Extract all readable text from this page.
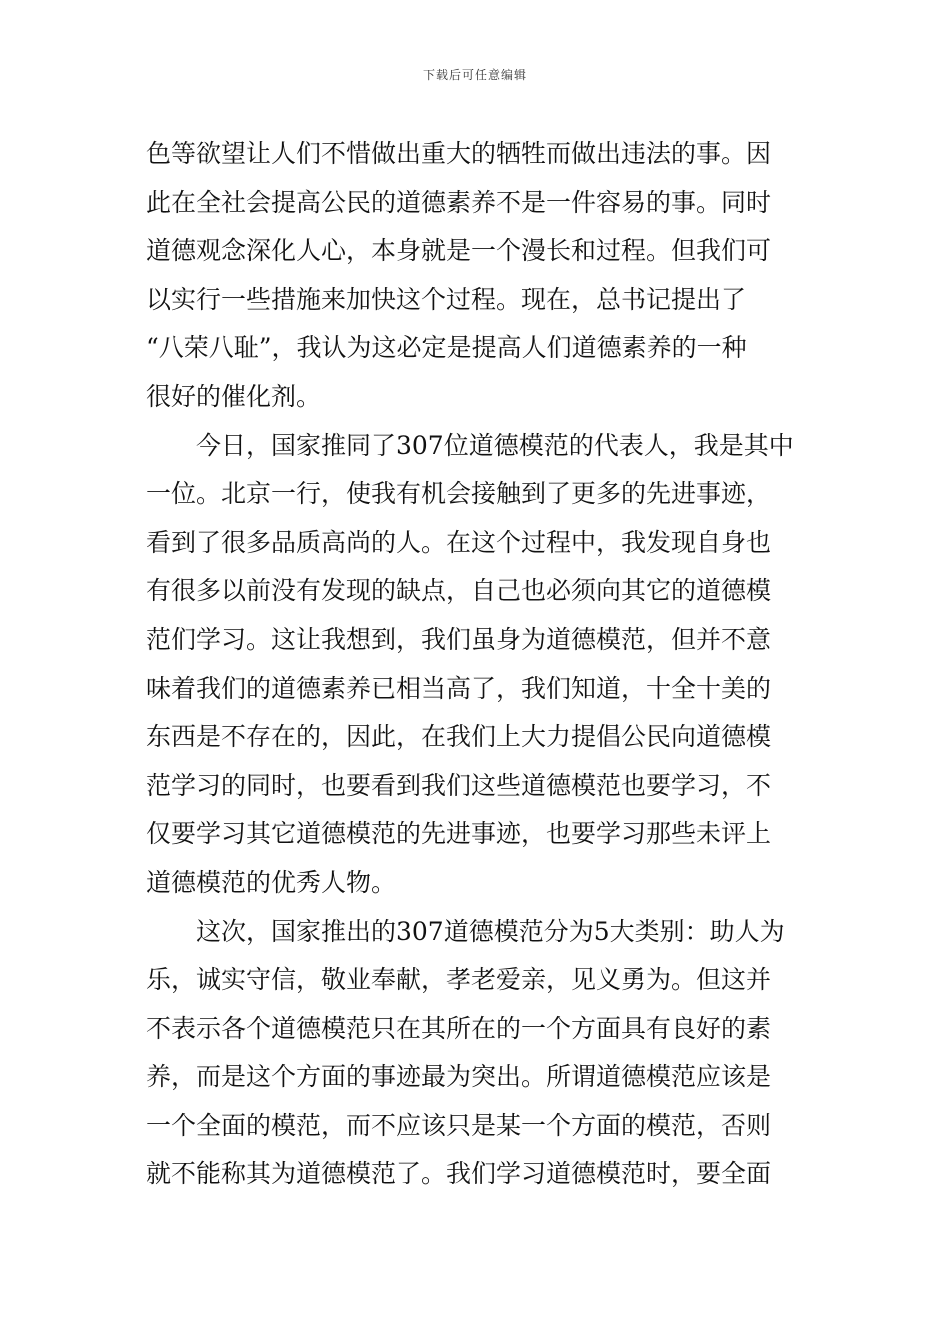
下载后可任意编辑
色等欲望让人们不惜做出重大的牺牲而做出违法的事。因
此在全社会提高公民的道德素养不是一件容易的事。同时
道德观念深化人心，本身就是一个漫长和过程。但我们可
以实行一些措施来加快这个过程。现在，总书记提出了
“八荣八耻”，我认为这必定是提高人们道德素养的一种
很好的催化剂。
今日，国家推同了307位道德模范的代表人，我是其中
一位。北京一行，使我有机会接触到了更多的先进事迹，
看到了很多品质高尚的人。在这个过程中，我发现自身也
有很多以前没有发现的缺点，自己也必须向其它的道德模
范们学习。这让我想到，我们虽身为道德模范，但并不意
味着我们的道德素养已相当高了，我们知道，十全十美的
东西是不存在的，因此，在我们上大力提倡公民向道德模
范学习的同时，也要看到我们这些道德模范也要学习，不
仅要学习其它道德模范的先进事迹，也要学习那些未评上
道德模范的优秀人物。
这次，国家推出的307道德模范分为5大类别：助人为
乐，诚实守信，敬业奉献，孝老爱亲，见义勇为。但这并
不表示各个道德模范只在其所在的一个方面具有良好的素
养，而是这个方面的事迹最为突出。所谓道德模范应该是
一个全面的模范，而不应该只是某一个方面的模范，否则
就不能称其为道德模范了。我们学习道德模范时，要全面
